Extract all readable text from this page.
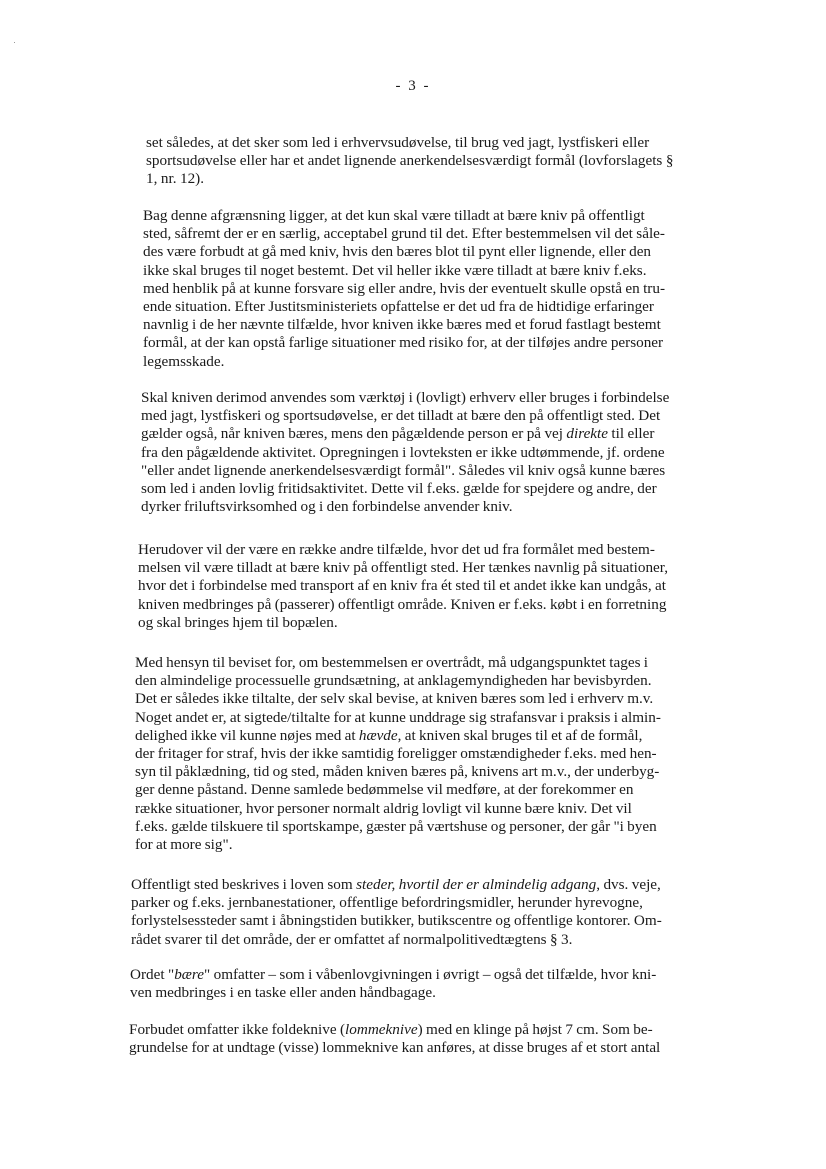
- 3 -
set således, at det sker som led i erhvervsudøvelse, til brug ved jagt, lystfiskeri eller
sportsudøvelse eller har et andet lignende anerkendelsesværdigt formål (lovforslagets §
1, nr. 12).
Bag denne afgrænsning ligger, at det kun skal være tilladt at bære kniv på offentligt
sted, såfremt der er en særlig, acceptabel grund til det. Efter bestemmelsen vil det såle-
des være forbudt at gå med kniv, hvis den bæres blot til pynt eller lignende, eller den
ikke skal bruges til noget bestemt. Det vil heller ikke være tilladt at bære kniv f.eks.
med henblik på at kunne forsvare sig eller andre, hvis der eventuelt skulle opstå en tru-
ende situation. Efter Justitsministeriets opfattelse er det ud fra de hidtidige erfaringer
navnlig i de her nævnte tilfælde, hvor kniven ikke bæres med et forud fastlagt bestemt
formål, at der kan opstå farlige situationer med risiko for, at der tilføjes andre personer
legemsskade.
Skal kniven derimod anvendes som værktøj i (lovligt) erhverv eller bruges i forbindelse
med jagt, lystfiskeri og sportsudøvelse, er det tilladt at bære den på offentligt sted. Det
gælder også, når kniven bæres, mens den pågældende person er på vej direkte til eller
fra den pågældende aktivitet. Opregningen i lovteksten er ikke udtømmende, jf. ordene
"eller andet lignende anerkendelsesværdigt formål". Således vil kniv også kunne bæres
som led i anden lovlig fritidsaktivitet. Dette vil f.eks. gælde for spejdere og andre, der
dyrker friluftsvirksomhed og i den forbindelse anvender kniv.
Herudover vil der være en række andre tilfælde, hvor det ud fra formålet med bestem-
melsen vil være tilladt at bære kniv på offentligt sted. Her tænkes navnlig på situationer,
hvor det i forbindelse med transport af en kniv fra ét sted til et andet ikke kan undgås, at
kniven medbringes på (passerer) offentligt område. Kniven er f.eks. købt i en forretning
og skal bringes hjem til bopælen.
Med hensyn til beviset for, om bestemmelsen er overtrådt, må udgangspunktet tages i
den almindelige processuelle grundsætning, at anklagemyndigheden har bevisbyrden.
Det er således ikke tiltalte, der selv skal bevise, at kniven bæres som led i erhverv m.v.
Noget andet er, at sigtede/tiltalte for at kunne unddrage sig strafansvar i praksis i almin-
delighed ikke vil kunne nøjes med at hævde, at kniven skal bruges til et af de formål,
der fritager for straf, hvis der ikke samtidig foreligger omstændigheder f.eks. med hen-
syn til påklædning, tid og sted, måden kniven bæres på, knivens art m.v., der underbyg-
ger denne påstand. Denne samlede bedømmelse vil medføre, at der forekommer en
række situationer, hvor personer normalt aldrig lovligt vil kunne bære kniv. Det vil
f.eks. gælde tilskuere til sportskampe, gæster på værtshuse og personer, der går "i byen
for at more sig".
Offentligt sted beskrives i loven som steder, hvortil der er almindelig adgang, dvs. veje,
parker og f.eks. jernbanestationer, offentlige befordringsmidler, herunder hyrevogne,
forlystelsessteder samt i åbningstiden butikker, butikscentre og offentlige kontorer. Om-
rådet svarer til det område, der er omfattet af normalpolitivedtægtens § 3.
Ordet "bære" omfatter – som i våbenlovgivningen i øvrigt – også det tilfælde, hvor kni-
ven medbringes i en taske eller anden håndbagage.
Forbudet omfatter ikke foldeknive (lommeknive) med en klinge på højst 7 cm. Som be-
grundelse for at undtage (visse) lommeknive kan anføres, at disse bruges af et stort antal
